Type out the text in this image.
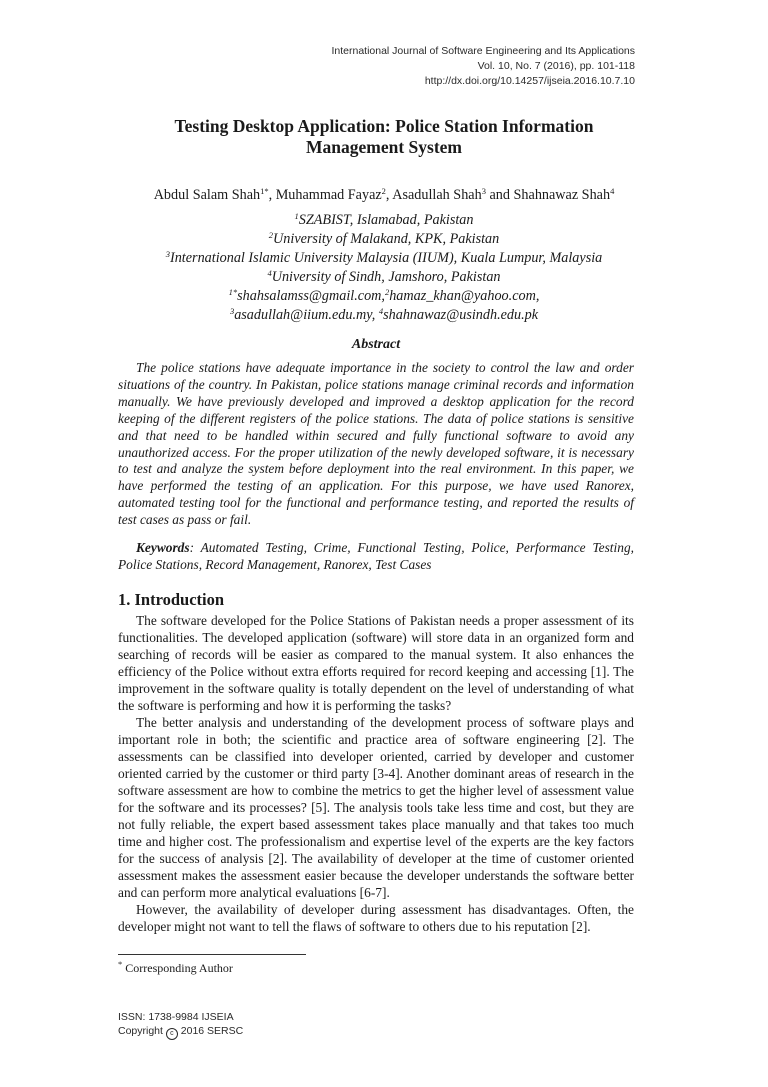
International Journal of Software Engineering and Its Applications
Vol. 10, No. 7 (2016), pp. 101-118
http://dx.doi.org/10.14257/ijseia.2016.10.7.10
Testing Desktop Application: Police Station Information
Management System
Abdul Salam Shah$^{1*}$, Muhammad Fayaz$^2$, Asadullah Shah$^3$ and Shahnawaz Shah$^4$
$^1$SZABIST, Islamabad, Pakistan
$^2$University of Malakand, KPK, Pakistan
$^3$International Islamic University Malaysia (IIUM), Kuala Lumpur, Malaysia
$^4$University of Sindh, Jamshoro, Pakistan
$^{1*}$shahsalamss@gmail.com,$^2$hamaz_khan@yahoo.com,
$^3$asadullah@iium.edu.my, $^4$shahnawaz@usindh.edu.pk
Abstract
The police stations have adequate importance in the society to control the law and order situations of the country. In Pakistan, police stations manage criminal records and information manually. We have previously developed and improved a desktop application for the record keeping of the different registers of the police stations. The data of police stations is sensitive and that need to be handled within secured and fully functional software to avoid any unauthorized access. For the proper utilization of the newly developed software, it is necessary to test and analyze the system before deployment into the real environment. In this paper, we have performed the testing of an application. For this purpose, we have used Ranorex, automated testing tool for the functional and performance testing, and reported the results of test cases as pass or fail.
Keywords: Automated Testing, Crime, Functional Testing, Police, Performance Testing, Police Stations, Record Management, Ranorex, Test Cases
1. Introduction

The software developed for the Police Stations of Pakistan needs a proper assessment of its functionalities. The developed application (software) will store data in an organized form and searching of records will be easier as compared to the manual system. It also enhances the efficiency of the Police without extra efforts required for record keeping and accessing [1]. The improvement in the software quality is totally dependent on the level of understanding of what the software is performing and how it is performing the tasks?

The better analysis and understanding of the development process of software plays and important role in both; the scientific and practice area of software engineering [2]. The assessments can be classified into developer oriented, carried by developer and customer oriented carried by the customer or third party [3-4]. Another dominant areas of research in the software assessment are how to combine the metrics to get the higher level of assessment value for the software and its processes? [5]. The analysis tools take less time and cost, but they are not fully reliable, the expert based assessment takes place manually and that takes too much time and higher cost. The professionalism and expertise level of the experts are the key factors for the success of analysis [2]. The availability of developer at the time of customer oriented assessment makes the assessment easier because the developer understands the software better and can perform more analytical evaluations [6-7].

However, the availability of developer during assessment has disadvantages. Often, the developer might not want to tell the flaws of software to others due to his reputation [2].

* Corresponding Author
ISSN: 1738-9984 IJSEIA
Copyright c 2016 SERSC
